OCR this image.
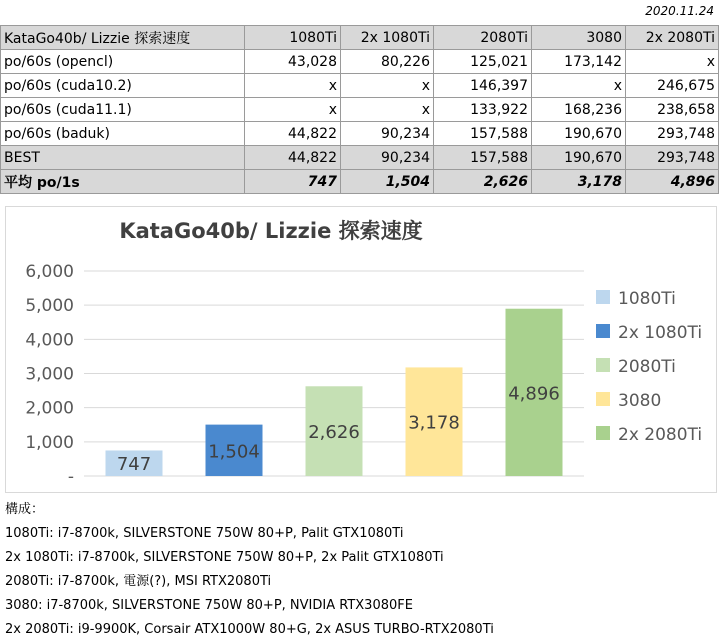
2020.11.24
KataGo40b/ Lizzie 探索速度	1080Ti	2x 1080Ti	2080Ti	3080	2x 2080Ti
po/60s (opencl)	43,028	80,226	125,021	173,142	x
po/60s (cuda10.2)	x	x	146,397	x	246,675
po/60s (cuda11.1)	x	x	133,922	168,236	238,658
po/60s (baduk)	44,822	90,234	157,588	190,670	293,748
BEST	44,822	90,234	157,588	190,670	293,748
平均 po/1s	747	1,504	2,626	3,178	4,896
KataGo40b/ Lizzie 探索速度
-
1,000
2,000
3,000
4,000
5,000
6,000
747
1,504
2,626	3,178
4,896
1080Ti
2x 1080Ti
2080Ti
3080
2x 2080Ti
構成：
1080Ti: i7-8700k, SILVERSTONE 750W 80+P, Palit GTX1080Ti
2x 1080Ti: i7-8700k, SILVERSTONE 750W 80+P, 2x Palit GTX1080Ti
2080Ti: i7-8700k, 電源(?), MSI RTX2080Ti
3080: i7-8700k, SILVERSTONE 750W 80+P, NVIDIA RTX3080FE
2x 2080Ti: i9-9900K, Corsair ATX1000W 80+G, 2x ASUS TURBO-RTX2080Ti
